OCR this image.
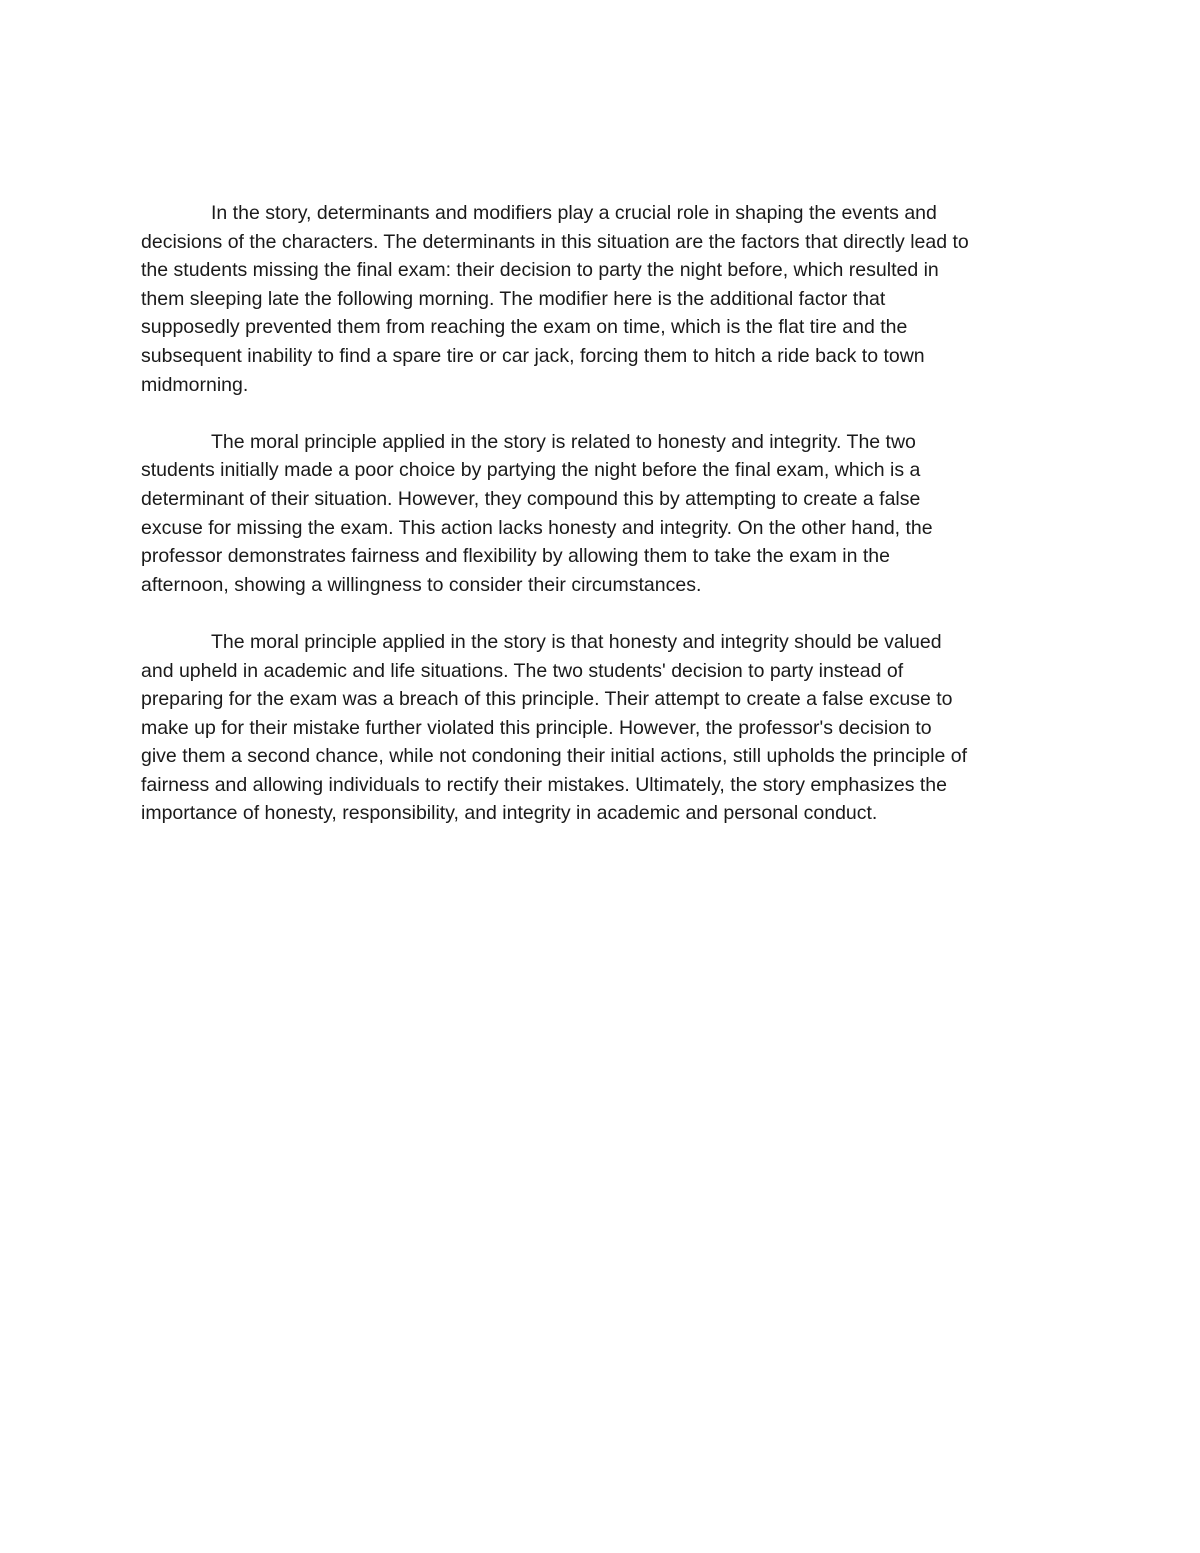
In the story, determinants and modifiers play a crucial role in shaping the events and
decisions of the characters. The determinants in this situation are the factors that directly lead to
the students missing the final exam: their decision to party the night before, which resulted in
them sleeping late the following morning. The modifier here is the additional factor that
supposedly prevented them from reaching the exam on time, which is the flat tire and the
subsequent inability to find a spare tire or car jack, forcing them to hitch a ride back to town
midmorning.
The moral principle applied in the story is related to honesty and integrity. The two
students initially made a poor choice by partying the night before the final exam, which is a
determinant of their situation. However, they compound this by attempting to create a false
excuse for missing the exam. This action lacks honesty and integrity. On the other hand, the
professor demonstrates fairness and flexibility by allowing them to take the exam in the
afternoon, showing a willingness to consider their circumstances.
The moral principle applied in the story is that honesty and integrity should be valued
and upheld in academic and life situations. The two students' decision to party instead of
preparing for the exam was a breach of this principle. Their attempt to create a false excuse to
make up for their mistake further violated this principle. However, the professor's decision to
give them a second chance, while not condoning their initial actions, still upholds the principle of
fairness and allowing individuals to rectify their mistakes. Ultimately, the story emphasizes the
importance of honesty, responsibility, and integrity in academic and personal conduct.
